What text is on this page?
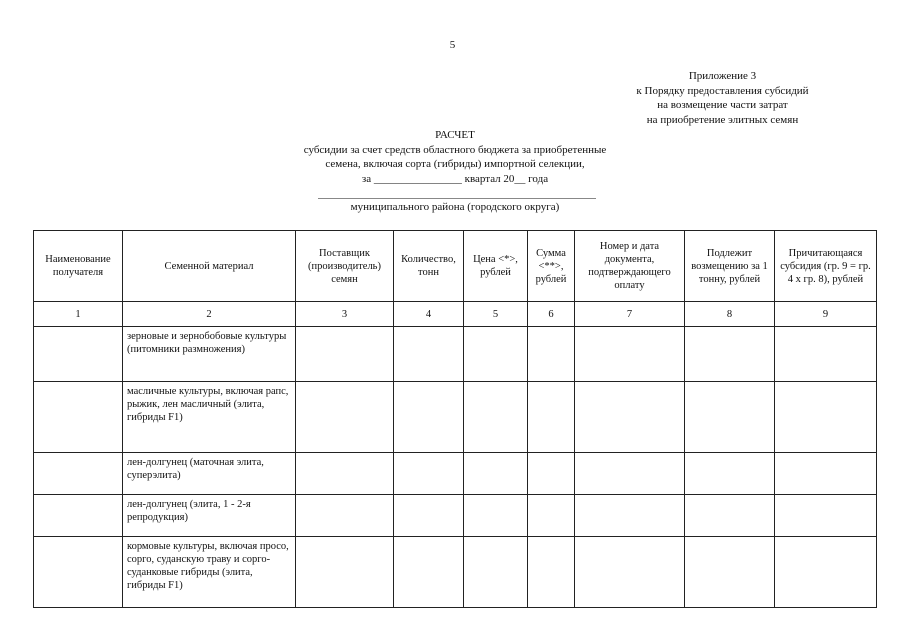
5
Приложение 3
к Порядку предоставления субсидий
на возмещение части затрат
на приобретение элитных семян
РАСЧЕТ
субсидии за счет средств областного бюджета за приобретенные
семена, включая сорта (гибриды) импортной селекции,
за ________________ квартал 20__ года
муниципального района (городского округа)
Наименование получателя	Семенной материал	Поставщик (производитель) семян	Количество, тонн	Цена <*>, рублей	Сумма <**>, рублей	Номер и дата документа, подтверждающего оплату	Подлежит возмещению за 1 тонну, рублей	Причитающаяся субсидия (гр. 9 = гр. 4 x гр. 8), рублей
1	2	3	4	5	6	7	8	9
	зерновые и зернобобовые культуры (питомники размножения)							
	масличные культуры, включая рапс, рыжик, лен масличный (элита, гибриды F1)							
	лен-долгунец (маточная элита, суперэлита)							
	лен-долгунец (элита, 1 - 2-я репродукция)							
	кормовые культуры, включая просо, сорго, суданскую траву и сорго-суданковые гибриды (элита, гибриды F1)							
